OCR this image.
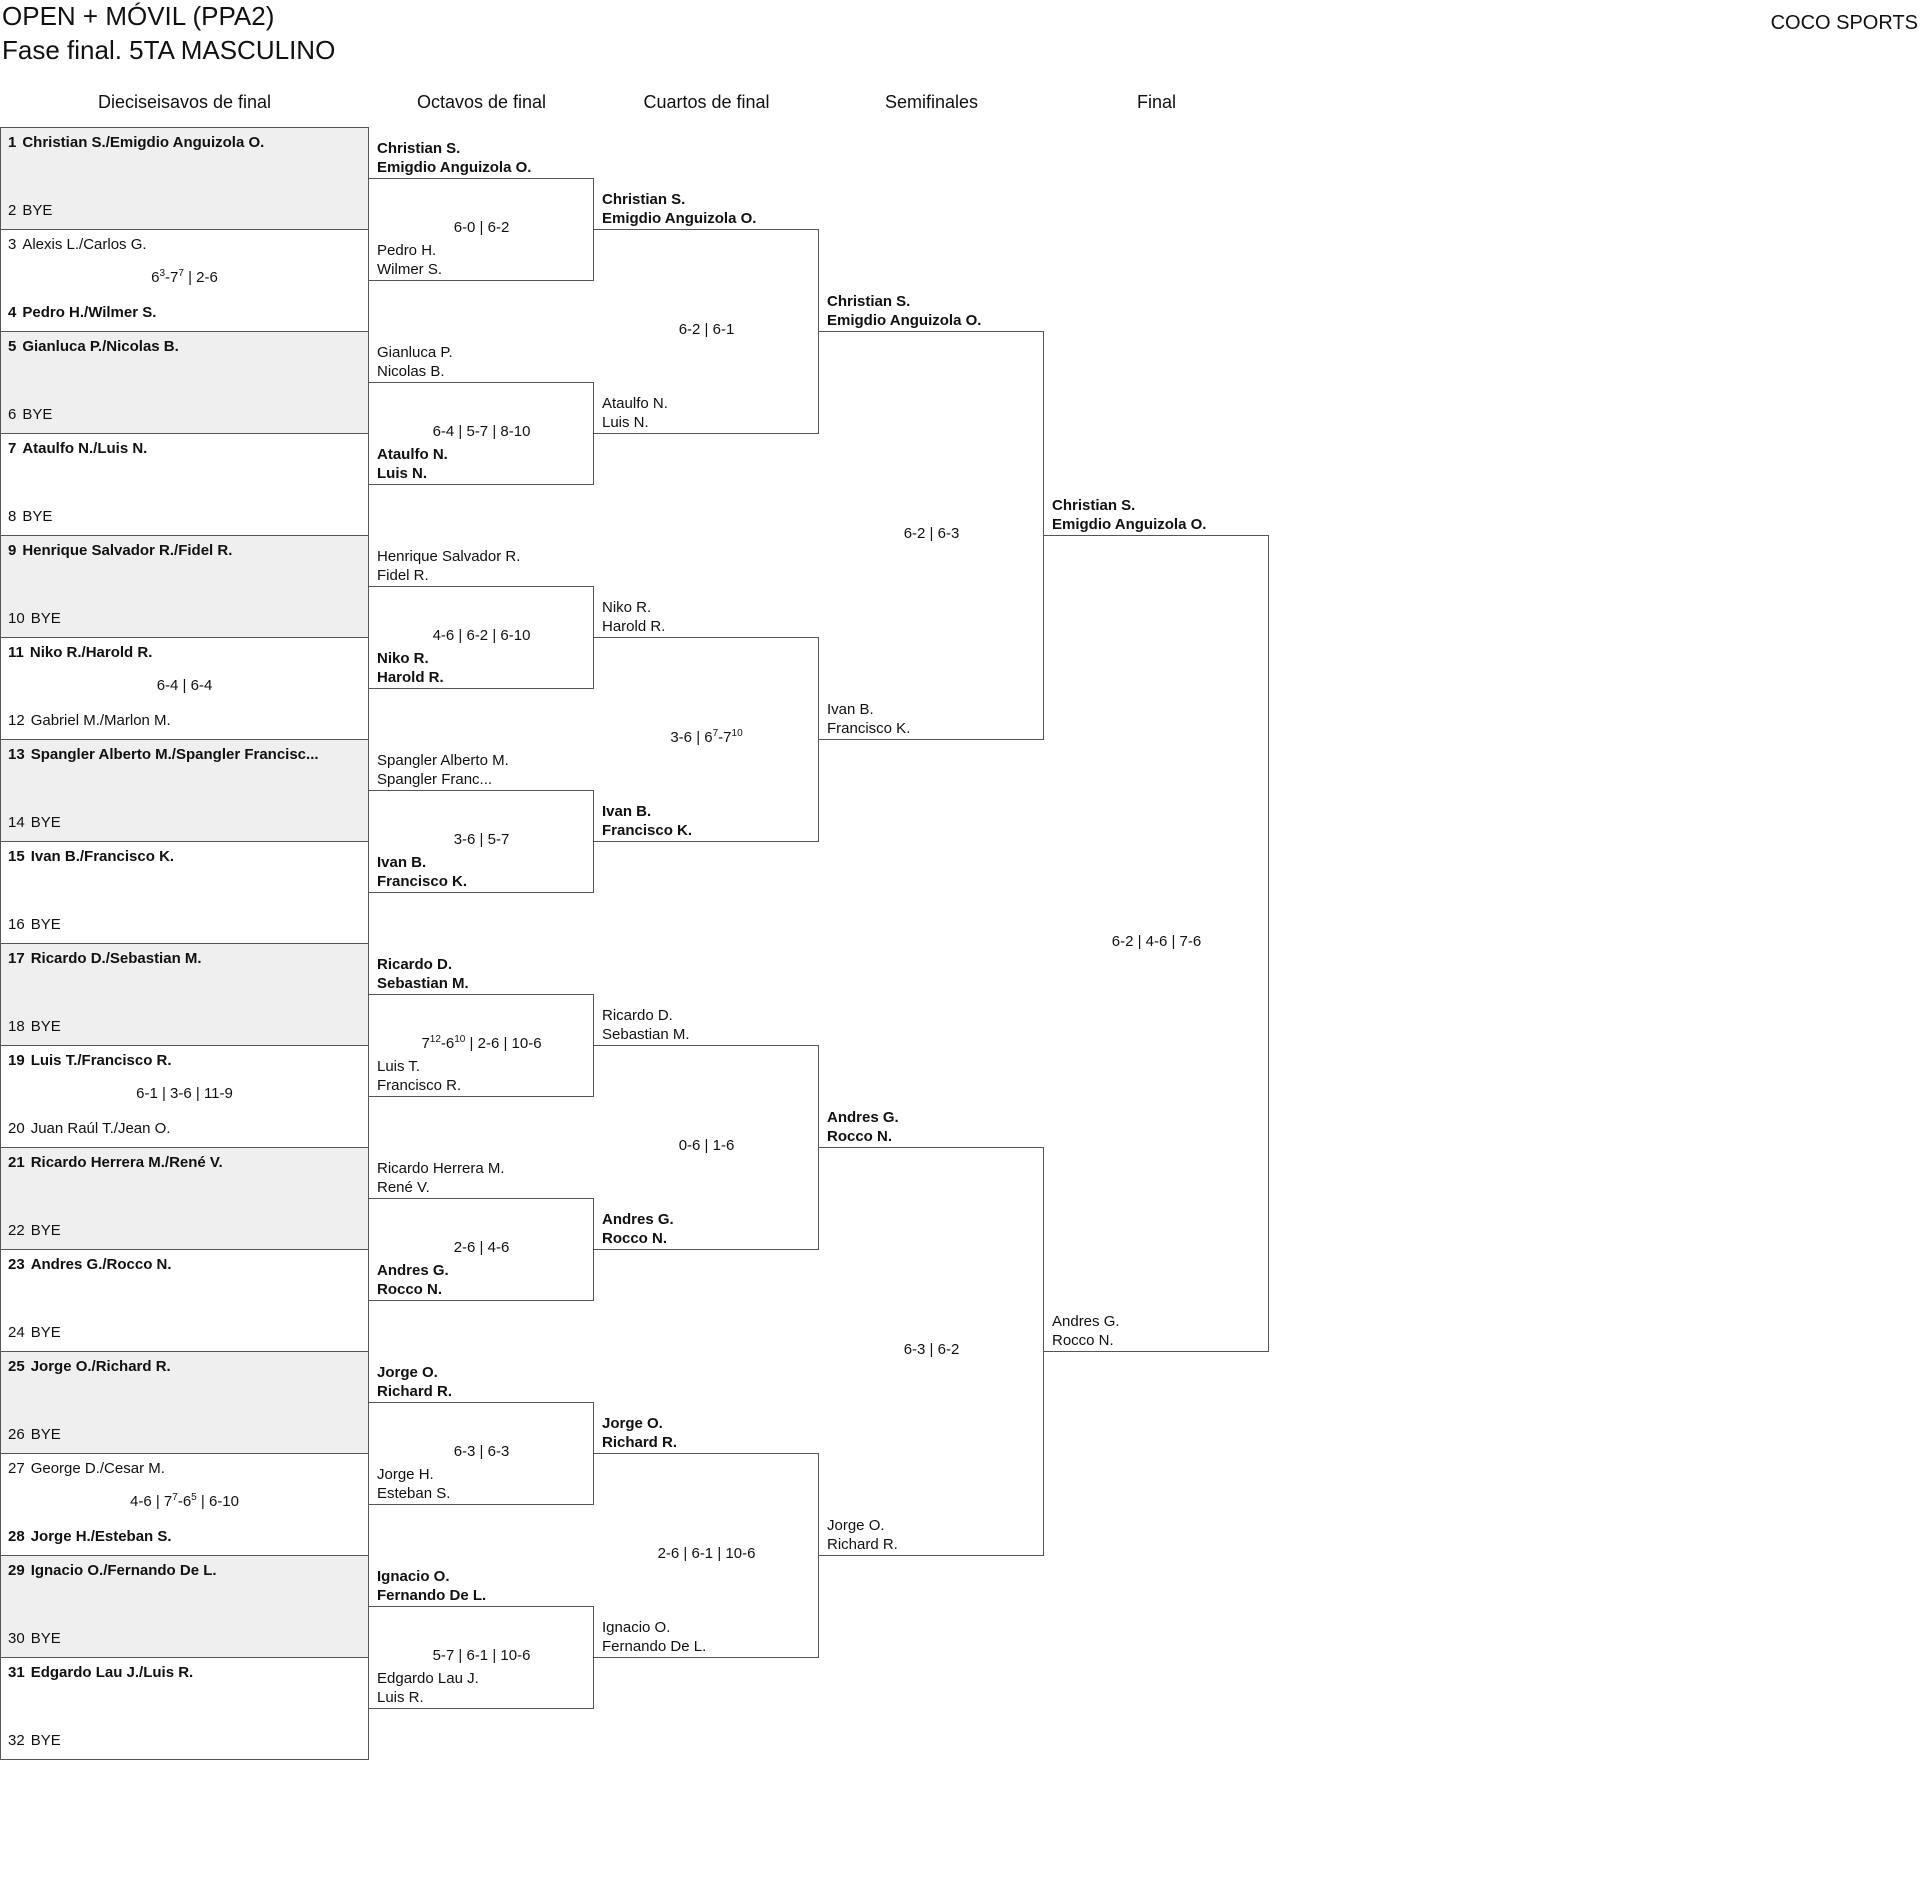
OPEN + MÓVIL (PPA2)
Fase final. 5TA MASCULINO
COCO SPORTS
Dieciseisavos de final	Octavos de final	Cuartos de final	Semifinales	Final
1 Christian S./Emigdio Anguizola O.
2 BYE
3 Alexis L./Carlos G.
4 Pedro H./Wilmer S.
$6^3-7^7$ | 2-6
5 Gianluca P./Nicolas B.
6 BYE
7 Ataulfo N./Luis N.
8 BYE
9 Henrique Salvador R./Fidel R.
10 BYE
11 Niko R./Harold R.
12 Gabriel M./Marlon M.
6-4 | 6-4
13 Spangler Alberto M./Spangler Francisc...
14 BYE
15 Ivan B./Francisco K.
16 BYE
17 Ricardo D./Sebastian M.
18 BYE
19 Luis T./Francisco R.
20 Juan Raúl T./Jean O.
6-1 | 3-6 | 11-9
21 Ricardo Herrera M./René V.
22 BYE
23 Andres G./Rocco N.
24 BYE
25 Jorge O./Richard R.
26 BYE
27 George D./Cesar M.
28 Jorge H./Esteban S.
4-6 | $7^7-6^5$ | 6-10
29 Ignacio O./Fernando De L.
30 BYE
31 Edgardo Lau J./Luis R.
32 BYE
Christian S.
Emigdio Anguizola O.
Pedro H.
Wilmer S.
6-0 | 6-2
Gianluca P.
Nicolas B.
Ataulfo N.
Luis N.
6-4 | 5-7 | 8-10
Henrique Salvador R.
Fidel R.
Niko R.
Harold R.
4-6 | 6-2 | 6-10
Spangler Alberto M.
Spangler Franc...
Ivan B.
Francisco K.
3-6 | 5-7
Ricardo D.
Sebastian M.
Luis T.
Francisco R.
$7^{12}-6^{10}$ | 2-6 | 10-6
Ricardo Herrera M.
René V.
Andres G.
Rocco N.
2-6 | 4-6
Jorge O.
Richard R.
Jorge H.
Esteban S.
6-3 | 6-3
Ignacio O.
Fernando De L.
Edgardo Lau J.
Luis R.
5-7 | 6-1 | 10-6
Christian S.
Emigdio Anguizola O.
Ataulfo N.
Luis N.
6-2 | 6-1
Niko R.
Harold R.
Ivan B.
Francisco K.
3-6 | $6^7-7^{10}$
Ricardo D.
Sebastian M.
Andres G.
Rocco N.
0-6 | 1-6
Jorge O.
Richard R.
Ignacio O.
Fernando De L.
2-6 | 6-1 | 10-6
Christian S.
Emigdio Anguizola O.
Ivan B.
Francisco K.
6-2 | 6-3
Andres G.
Rocco N.
Jorge O.
Richard R.
6-3 | 6-2
Christian S.
Emigdio Anguizola O.
Andres G.
Rocco N.
6-2 | 4-6 | 7-6
